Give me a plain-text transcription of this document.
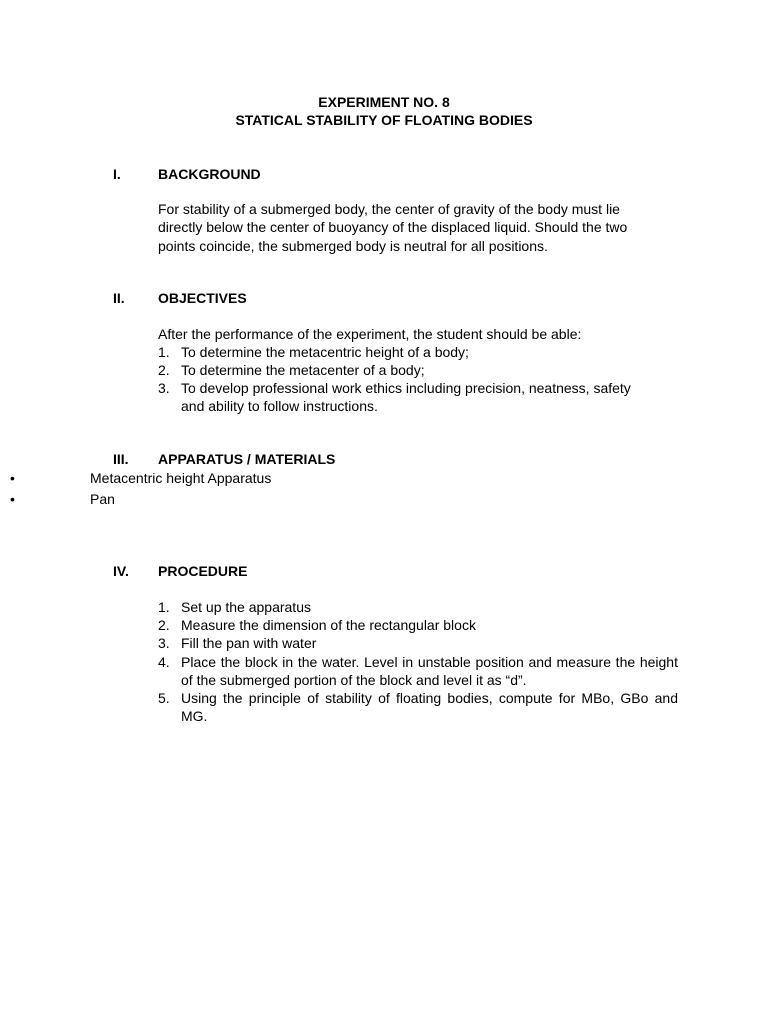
EXPERIMENT NO. 8
STATICAL STABILITY OF FLOATING BODIES
I.	BACKGROUND
For stability of a submerged body, the center of gravity of the body must lie
directly below the center of buoyancy of the displaced liquid. Should the two
points coincide, the submerged body is neutral for all positions.
II. OBJECTIVES
After the performance of the experiment, the student should be able:
1. To determine the metacentric height of a body;
2. To determine the metacenter of a body;
3. To develop professional work ethics including precision, neatness, safety
and ability to follow instructions.
III. APPARATUS / MATERIALS
•	Metacentric height Apparatus
•	Pan
IV. PROCEDURE
1. Set up the apparatus
2. Measure the dimension of the rectangular block
3. Fill the pan with water
4. Place the block in the water. Level in unstable position and measure the height of the submerged portion of the block and level it as “d”.
5. Using the principle of stability of floating bodies, compute for MBo, GBo and MG.
